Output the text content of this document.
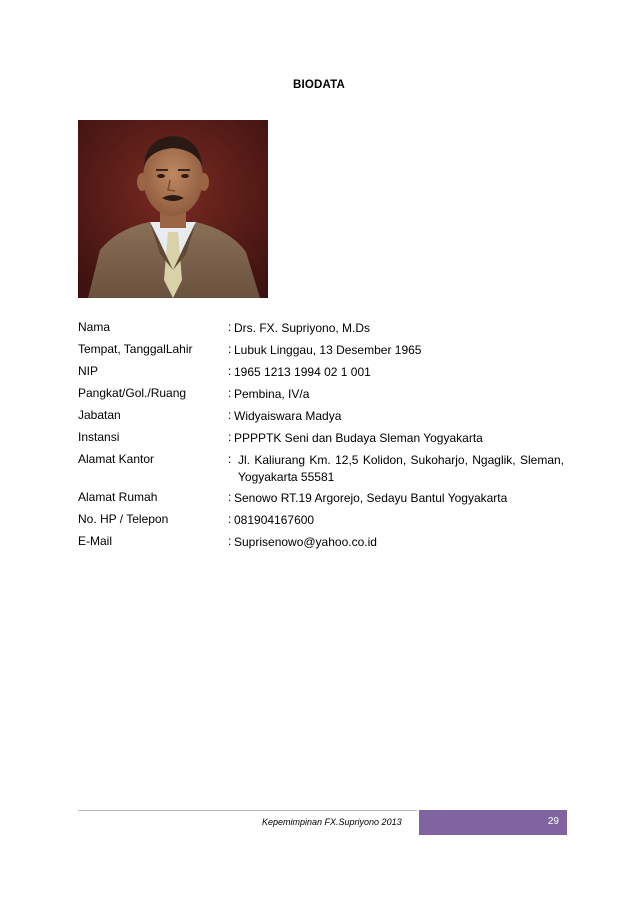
BIODATA
Nama	: Drs. FX. Supriyono, M.Ds
Tempat, TanggalLahir	: Lubuk Linggau, 13 Desember 1965
NIP	: 1965 1213 1994 02 1 001
Pangkat/Gol./Ruang	: Pembina, IV/a
Jabatan	: Widyaiswara Madya
Instansi	: PPPPTK Seni dan Budaya Sleman Yogyakarta
Alamat Kantor	: Jl. Kaliurang Km. 12,5 Kolidon, Sukoharjo, Ngaglik, Sleman, Yogyakarta 55581
Alamat Rumah	: Senowo RT.19 Argorejo, Sedayu Bantul Yogyakarta
No. HP / Telepon	: 081904167600
E-Mail	: Suprisenowo@yahoo.co.id
Kepemimpinan FX.Supriyono 2013	29
